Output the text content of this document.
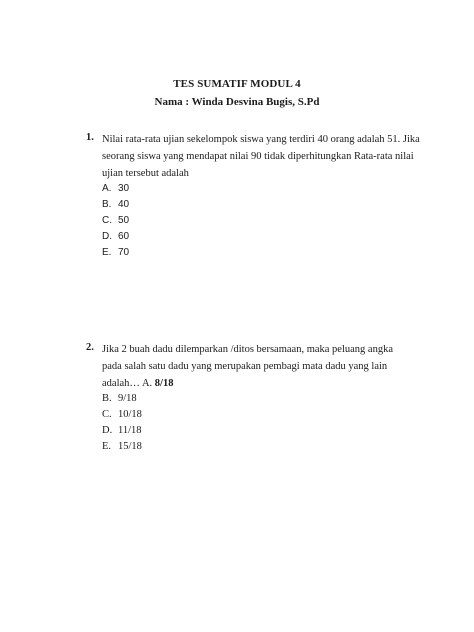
TES SUMATIF MODUL 4
Nama : Winda Desvina Bugis, S.Pd
1. Nilai rata-rata ujian sekelompok siswa yang terdiri 40 orang adalah 51. Jika
seorang siswa yang mendapat nilai 90 tidak diperhitungkan Rata-rata nilai
ujian tersebut adalah
A. 30
B. 40
C. 50
D. 60
E. 70
2. Jika 2 buah dadu dilemparkan /ditos bersamaan, maka peluang angka
pada salah satu dadu yang merupakan pembagi mata dadu yang lain
adalah… A. 8/18
B. 9/18
C. 10/18
D. 11/18
E. 15/18
